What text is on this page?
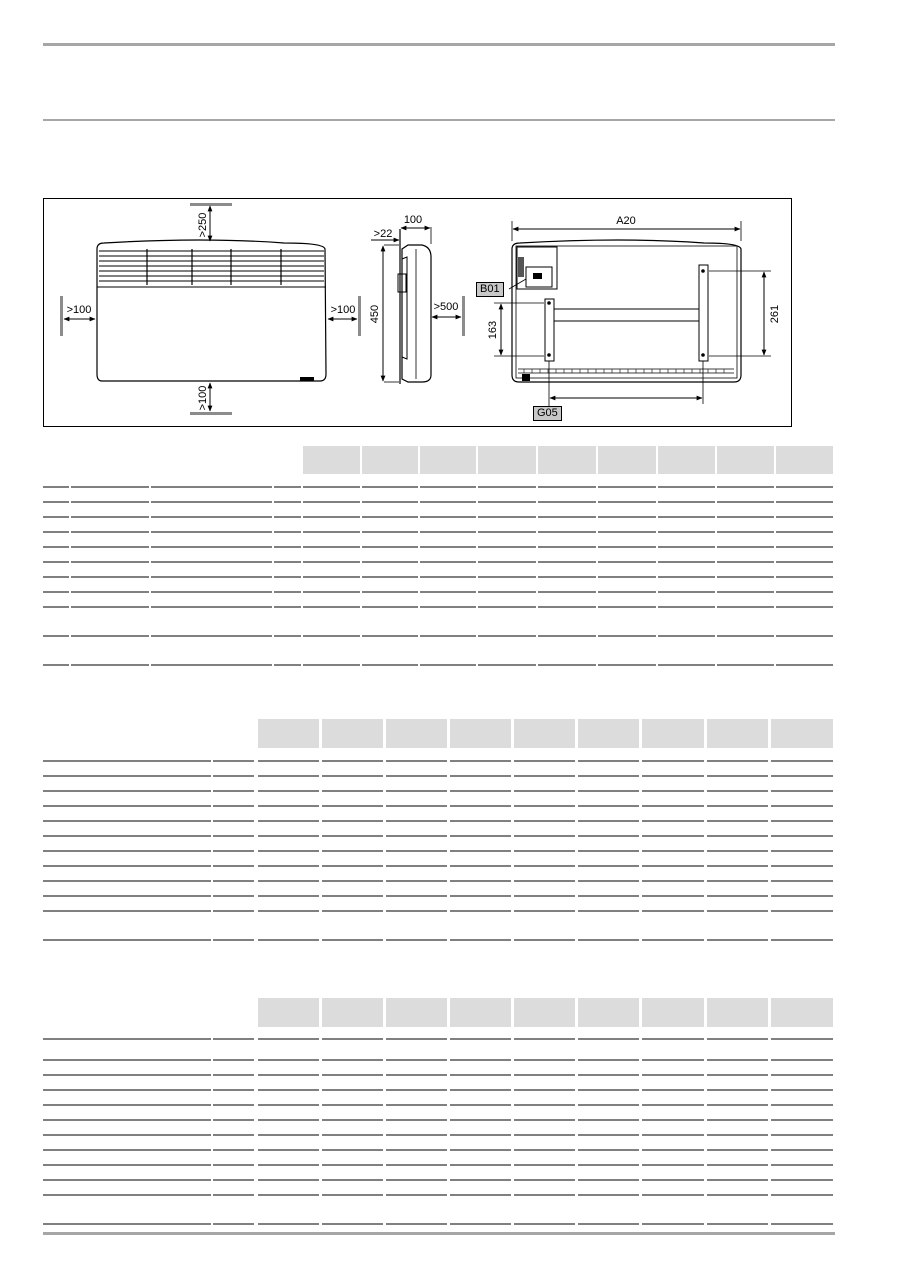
>250
>100
>100	>100
100
>22
450	>500
A20
163
261
B01
G05
